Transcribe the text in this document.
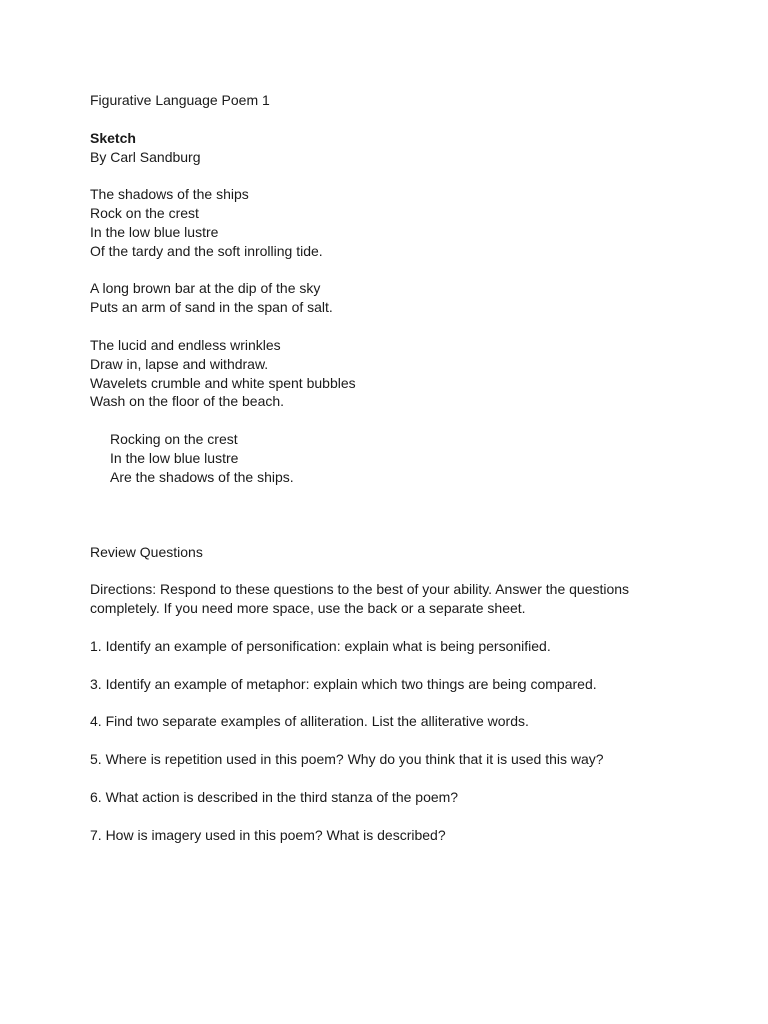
Figurative Language Poem 1
Sketch
By Carl Sandburg
The shadows of the ships
Rock on the crest
In the low blue lustre
Of the tardy and the soft inrolling tide.
A long brown bar at the dip of the sky
Puts an arm of sand in the span of salt.
The lucid and endless wrinkles
Draw in, lapse and withdraw.
Wavelets crumble and white spent bubbles
Wash on the floor of the beach.
Rocking on the crest
In the low blue lustre
Are the shadows of the ships.
Review Questions
Directions: Respond to these questions to the best of your ability. Answer the questions
completely. If you need more space, use the back or a separate sheet.
1. Identify an example of personification: explain what is being personified.
3. Identify an example of metaphor: explain which two things are being compared.
4. Find two separate examples of alliteration. List the alliterative words.
5. Where is repetition used in this poem? Why do you think that it is used this way?
6. What action is described in the third stanza of the poem?
7. How is imagery used in this poem? What is described?
